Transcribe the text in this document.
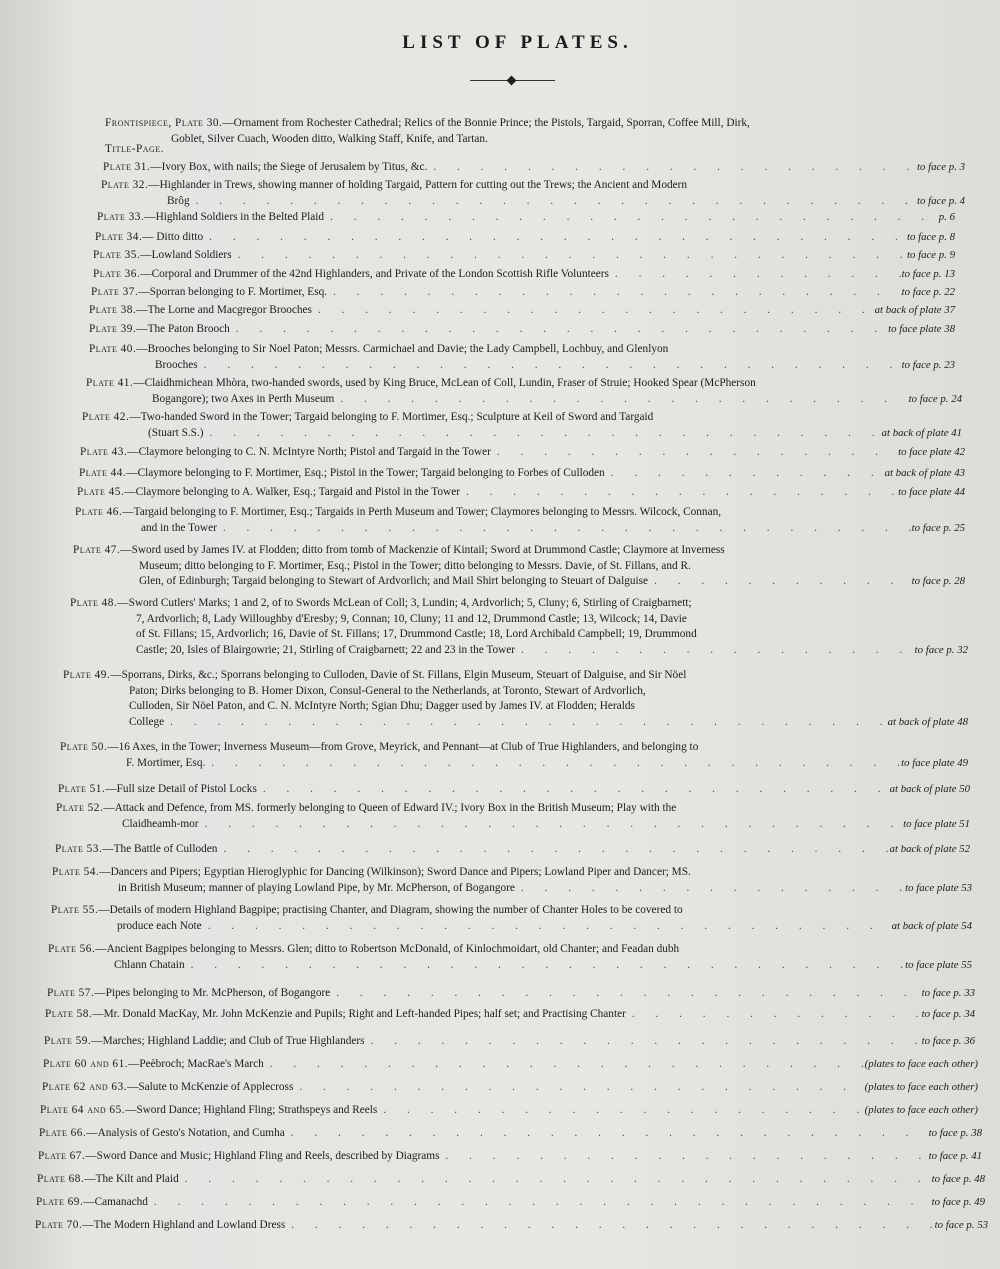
LIST OF PLATES.
Frontispiece, Plate 30.—Ornament from Rochester Cathedral; Relics of the Bonnie Prince; the Pistols, Targaid, Sporran, Coffee Mill, Dirk,
Goblet, Silver Cuach, Wooden ditto, Walking Staff, Knife, and Tartan.
Title-Page.
Plate 31.—Ivory Box, with nails; the Siege of Jerusalem by Titus, &c. . . .	to face p. 3
Plate 32.—Highlander in Trews, showing manner of holding Targaid, Pattern for cutting out the Trews; the Ancient and Modern
Brôg . . .	to face p. 4
Plate 33.—Highland Soldiers in the Belted Plaid . . .	p. 6
Plate 34.— Ditto ditto . . .	to face p. 8
Plate 35.—Lowland Soldiers . . .	to face p. 9
Plate 36.—Corporal and Drummer of the 42nd Highlanders, and Private of the London Scottish Rifle Volunteers . . .	to face p. 13
Plate 37.—Sporran belonging to F. Mortimer, Esq. . . .	to face p. 22
Plate 38.—The Lorne and Macgregor Brooches . . .	at back of plate 37
Plate 39.—The Paton Brooch . . .	to face plate 38
Plate 40.—Brooches belonging to Sir Noel Paton; Messrs. Carmichael and Davie; the Lady Campbell, Lochbuy, and Glenlyon
Brooches . . .	to face p. 23
Plate 41.—Claidhmichean Mhòra, two-handed swords, used by King Bruce, McLean of Coll, Lundin, Fraser of Struie; Hooked Spear (McPherson
Bogangore); two Axes in Perth Museum . . .	to face p. 24
Plate 42.—Two-handed Sword in the Tower; Targaid belonging to F. Mortimer, Esq.; Sculpture at Keil of Sword and Targaid
(Stuart S.S.) . . .	at back of plate 41
Plate 43.—Claymore belonging to C. N. McIntyre North; Pistol and Targaid in the Tower . . .	to face plate 42
Plate 44.—Claymore belonging to F. Mortimer, Esq.; Pistol in the Tower; Targaid belonging to Forbes of Culloden . . .	at back of plate 43
Plate 45.—Claymore belonging to A. Walker, Esq.; Targaid and Pistol in the Tower . . .	to face plate 44
Plate 46.—Targaid belonging to F. Mortimer, Esq.; Targaids in Perth Museum and Tower; Claymores belonging to Messrs. Wilcock, Connan,
and in the Tower . . .	to face p. 25
Plate 47.—Sword used by James IV. at Flodden; ditto from tomb of Mackenzie of Kintail; Sword at Drummond Castle; Claymore at Inverness
Museum; ditto belonging to F. Mortimer, Esq.; Pistol in the Tower; ditto belonging to Messrs. Davie, of St. Fillans, and R.
Glen, of Edinburgh; Targaid belonging to Stewart of Ardvorlich; and Mail Shirt belonging to Steuart of Dalguise . . .	to face p. 28
Plate 48.—Sword Cutlers' Marks; 1 and 2, of to Swords McLean of Coll; 3, Lundin; 4, Ardvorlich; 5, Cluny; 6, Stirling of Craigbarnett;
7, Ardvorlich; 8, Lady Willoughby d'Eresby; 9, Connan; 10, Cluny; 11 and 12, Drummond Castle; 13, Wilcock; 14, Davie
of St. Fillans; 15, Ardvorlich; 16, Davie of St. Fillans; 17, Drummond Castle; 18, Lord Archibald Campbell; 19, Drummond
Castle; 20, Isles of Blairgowrie; 21, Stirling of Craigbarnett; 22 and 23 in the Tower . . .	to face p. 32
Plate 49.—Sporrans, Dirks, &c.; Sporrans belonging to Culloden, Davie of St. Fillans, Elgin Museum, Steuart of Dalguise, and Sir Nöel
Paton; Dirks belonging to B. Homer Dixon, Consul-General to the Netherlands, at Toronto, Stewart of Ardvorlich,
Culloden, Sir Nöel Paton, and C. N. McIntyre North; Sgian Dhu; Dagger used by James IV. at Flodden; Heralds
College . . .	at back of plate 48
Plate 50.—16 Axes, in the Tower; Inverness Museum—from Grove, Meyrick, and Pennant—at Club of True Highlanders, and belonging to
F. Mortimer, Esq. . . .	to face plate 49
Plate 51.—Full size Detail of Pistol Locks . . .	at back of plate 50
Plate 52.—Attack and Defence, from MS. formerly belonging to Queen of Edward IV.; Ivory Box in the British Museum; Play with the
Claidheamh-mor . . .	to face plate 51
Plate 53.—The Battle of Culloden . . .	at back of plate 52
Plate 54.—Dancers and Pipers; Egyptian Hieroglyphic for Dancing (Wilkinson); Sword Dance and Pipers; Lowland Piper and Dancer; MS.
in British Museum; manner of playing Lowland Pipe, by Mr. McPherson, of Bogangore . . .	to face plate 53
Plate 55.—Details of modern Highland Bagpipe; practising Chanter, and Diagram, showing the number of Chanter Holes to be covered to
produce each Note . . .	at back of plate 54
Plate 56.—Ancient Bagpipes belonging to Messrs. Glen; ditto to Robertson McDonald, of Kinlochmoidart, old Chanter; and Feadan dubh
Chlann Chatain . . .	to face plate 55
Plate 57.—Pipes belonging to Mr. McPherson, of Bogangore . . .	to face p. 33
Plate 58.—Mr. Donald MacKay, Mr. John McKenzie and Pupils; Right and Left-handed Pipes; half set; and Practising Chanter . . .	to face p. 34
Plate 59.—Marches; Highland Laddie; and Club of True Highlanders . . .	to face p. 36
Plate 60 and 61.—Peèbroch; MacRae's March . . .	(plates to face each other)
Plate 62 and 63.—Salute to McKenzie of Applecross . . .	(plates to face each other)
Plate 64 and 65.—Sword Dance; Highland Fling; Strathspeys and Reels . . .	(plates to face each other)
Plate 66.—Analysis of Gesto's Notation, and Cumha . . .	to face p. 38
Plate 67.—Sword Dance and Music; Highland Fling and Reels, described by Diagrams . . .	to face p. 41
Plate 68.—The Kilt and Plaid . . .	to face p. 48
Plate 69.—Camanachd . . .	to face p. 49
Plate 70.—The Modern Highland and Lowland Dress . . .	to face p. 53
